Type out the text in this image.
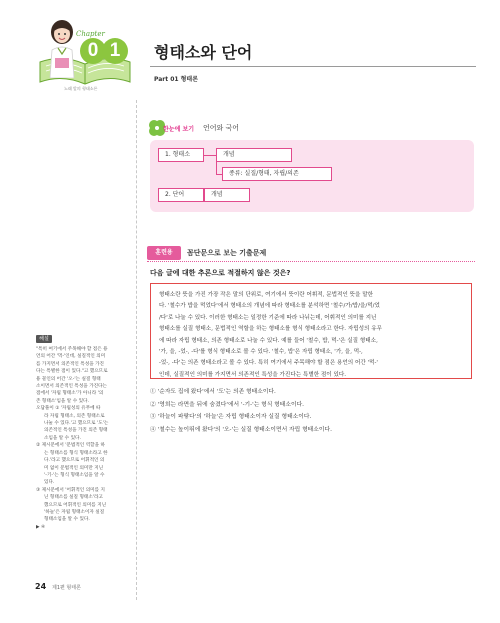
Chapter
0 1
노래 앞의 형태소론
형태소와 단어
Part 01 형태론
한눈에 보기 언어와 국어
1. 형태소	개념
종류: 실질/형태, 자립/의존
2. 단어	개념
훈련용	꼼단문으로 보는 기출문제
다음 글에 대한 추론으로 적절하지 않은 것은?
형태소란 뜻을 가진 가장 작은 말의 단위로, 여기에서 뜻이란 어휘적, 문법적인 뜻을 말한
다. '철수가 밥을 먹었다'에서 형태소의 개념에 따라 형태소를 분석하면 '철수/가/밥/을/먹/었
/다'로 나눌 수 있다. 이러한 형태소는 일정한 기준에 따라 나뉘는데, 어휘적인 의미를 지닌
형태소를 실질 형태소, 문법적인 역할을 하는 형태소를 형식 형태소라고 한다. 자립성의 유무
에 따라 자립 형태소, 의존 형태소로 나눌 수 있다. 예를 들어 '철수, 밥, 먹-'은 실질 형태소,
'가, 을, -었-, -다'를 형식 형태소로 볼 수 있다. '철수, 밥'은 자립 형태소, '가, 을, 먹-,
-었-, -다'는 의존 형태소라고 볼 수 있다. 특히 여기에서 주목해야 할 점은 용언의 어간 '먹-'
인데, 실질적인 의미를 가지면서 의존적인 특성을 가진다는 특별한 점이 있다.
① '순자도 집에 왔다'에서 '도'는 의존 형태소이다.
② '영희는 라면을 뒤에 숨겼다'에서 '-기-'는 형식 형태소이다.
③ '하늘이 파랗다'의 '하늘'은 자립 형태소이자 실질 형태소이다.
④ '철수는 높이뛰에 왔다'의 '오-'는 실질 형태소이면서 자립 형태소이다.
해설
"특히 여기에서 주목해야 할 점은 용
언의 어간 '먹-'인데, 실질적인 의미
를 가지면서 의존적인 특성을 가진
다는 특별한 점이 있다."고 했으므로
용 꼴인의 어간 '오-'는 실질 형태
소이면서 의존적인 특성을 가진다는
점에서 '자립 형태소'가 아니라 '의
존 형태소'임을 알 수 있다.
오답풀이 ① '자립성의 유무에 따
라 자립 형태소, 의존 형태소로
나눌 수 있다.'고 했으므로 '도'는
의존적인 특성을 가진 의존 형태
소임을 알 수 있다.
② 제시문에서 '문법적인 역할을 하
는 형태소를 형식 형태소라고 한
다.'라고 했으므로 어휘적인 의
미 없이 문법적인 의미만 지닌
'-기-'는 형식 형태소임을 알 수
있다.
③ 제시문에서 '어휘적인 의미를 지
닌 형태소를 실질 형태소'라고
했으므로 어휘적인 의미를 지닌
'하늘'은 자립 형태소이자 실질
형태소임을 알 수 있다.
▶ ④
24 제1편 형태론
